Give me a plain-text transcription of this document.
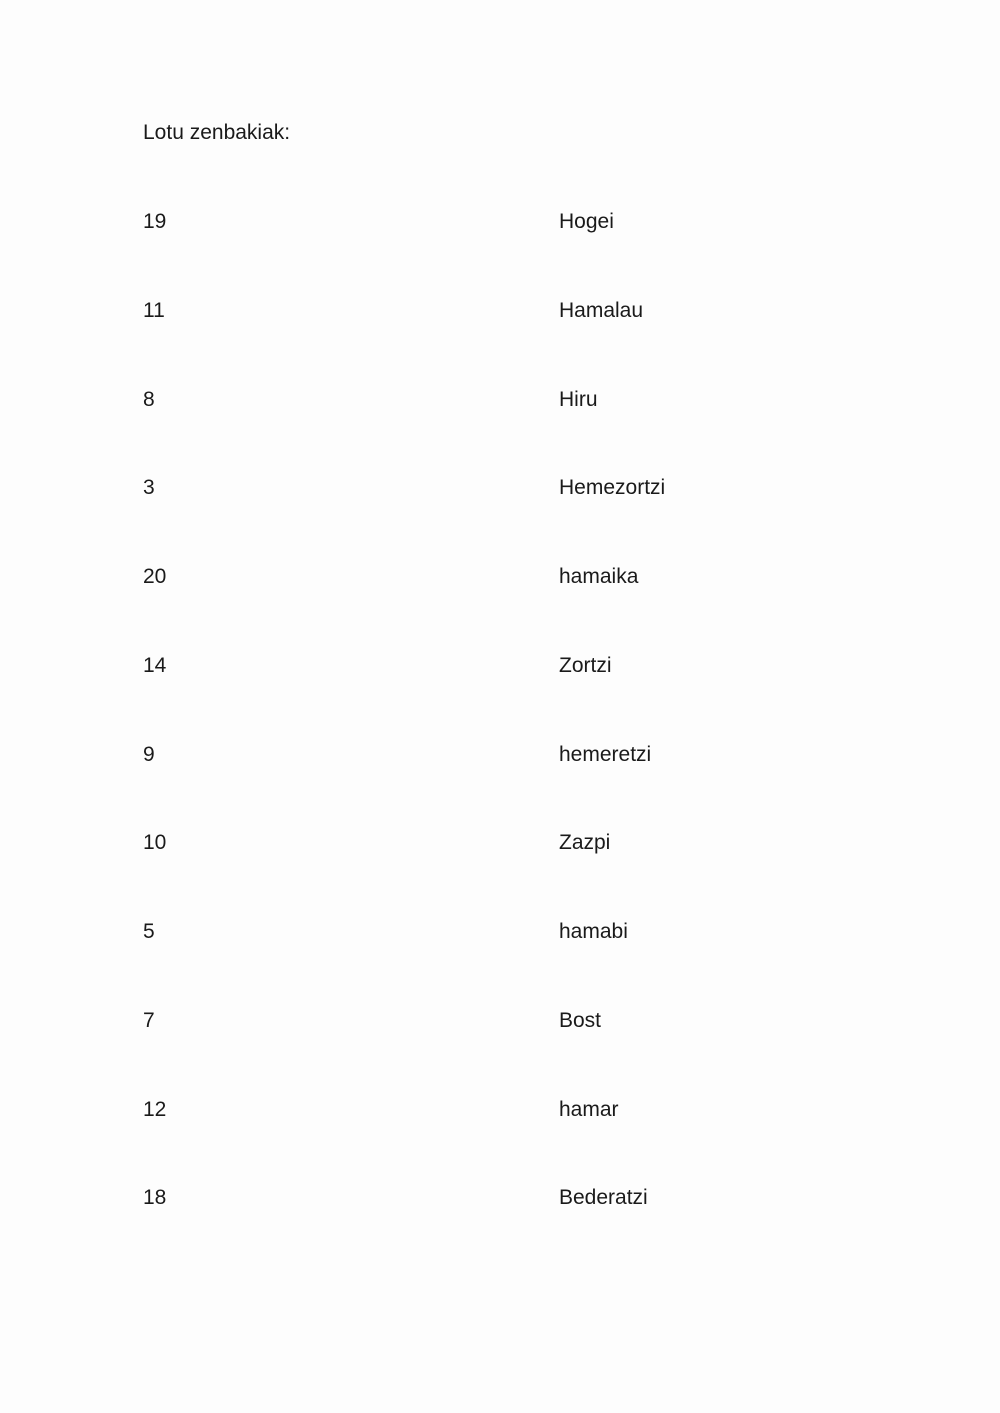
Lotu zenbakiak:

19	Hogei
11	Hamalau
8	Hiru
3	Hemezortzi
20	hamaika
14	Zortzi
9	hemeretzi
10	Zazpi
5	hamabi
7	Bost
12	hamar
18	Bederatzi
